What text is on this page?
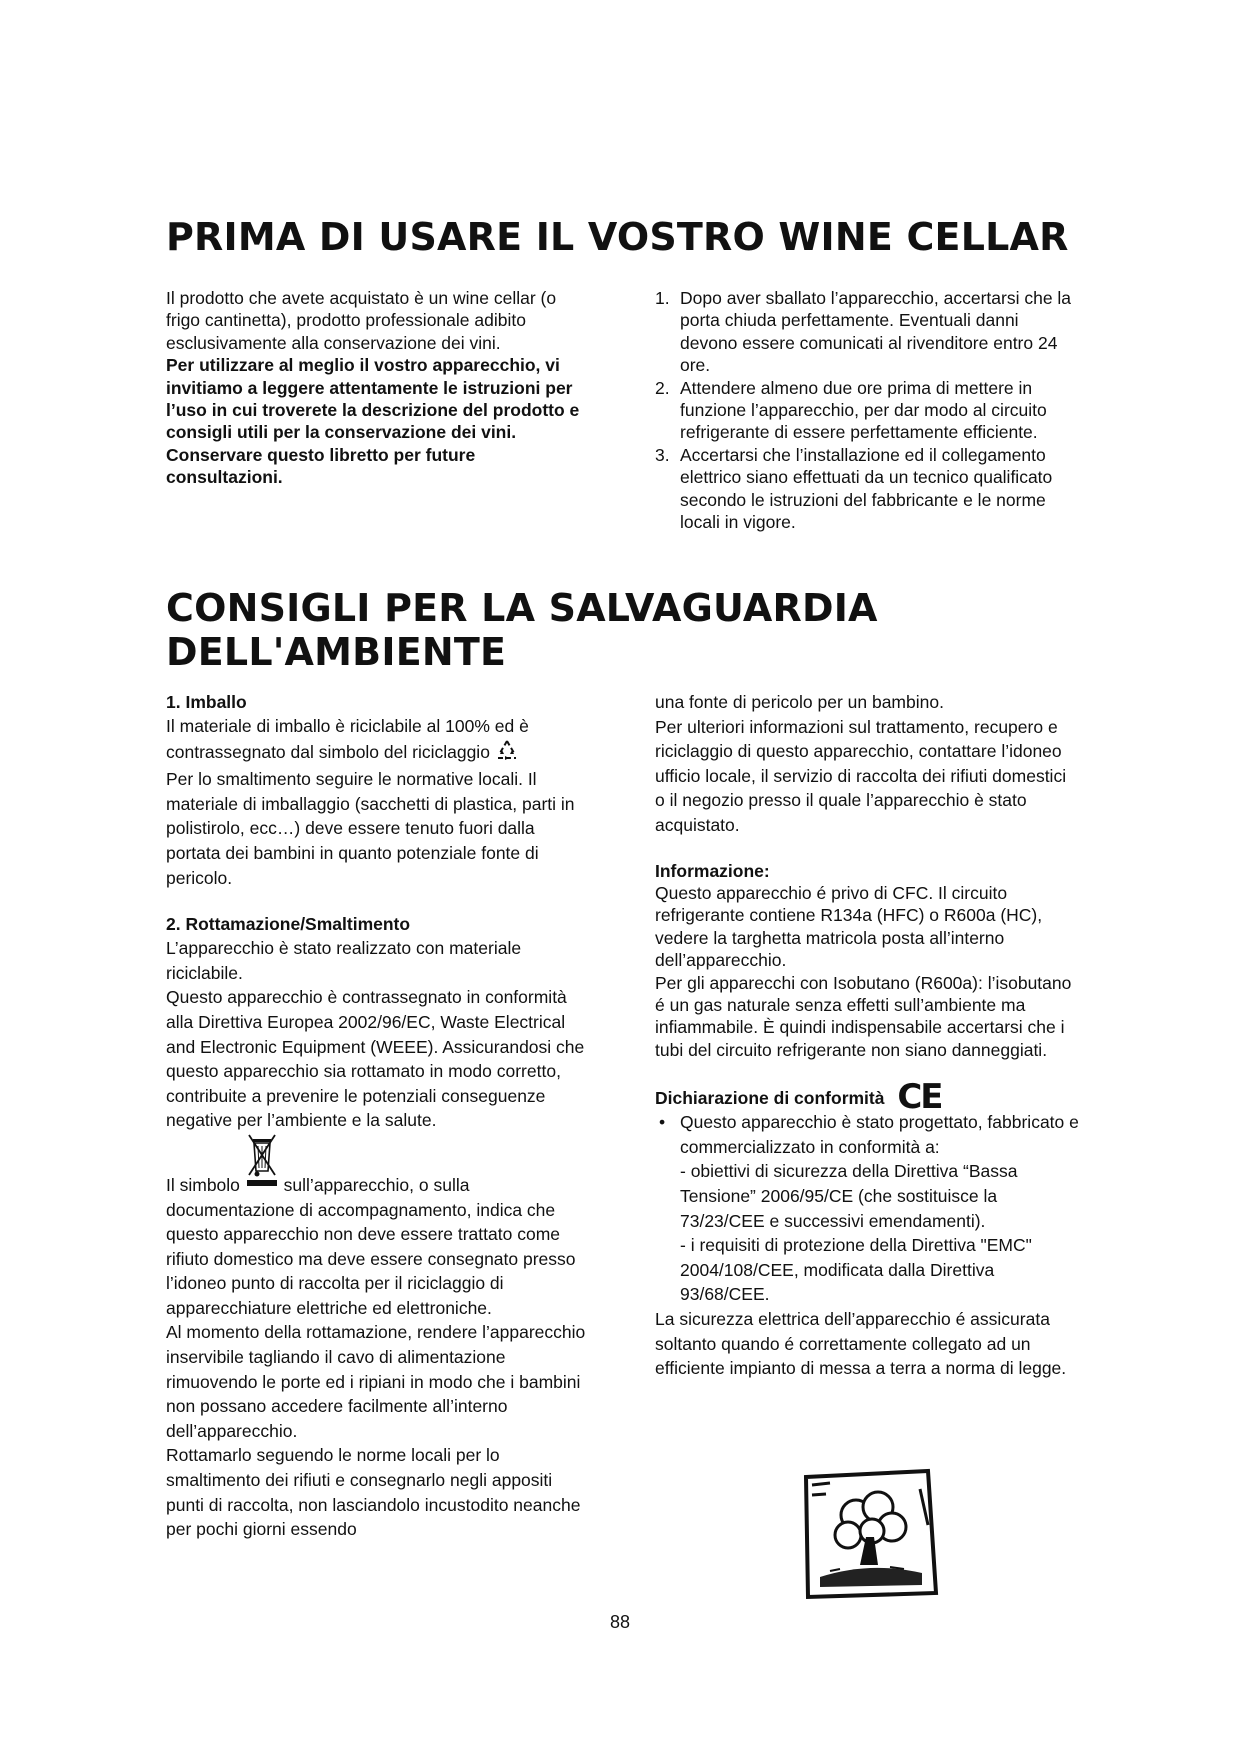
PRIMA DI USARE IL VOSTRO WINE CELLAR

Il prodotto che avete acquistato è un wine cellar (o frigo cantinetta), prodotto professionale adibito esclusivamente alla conservazione dei vini.

Per utilizzare al meglio il vostro apparecchio, vi invitiamo a leggere attentamente le istruzioni per l’uso in cui troverete la descrizione del prodotto e consigli utili per la conservazione dei vini. Conservare questo libretto per future consultazioni.

1. Dopo aver sballato l’apparecchio, accertarsi che la porta chiuda perfettamente. Eventuali danni devono essere comunicati al rivenditore entro 24 ore.
2. Attendere almeno due ore prima di mettere in funzione l’apparecchio, per dar modo al circuito refrigerante di essere perfettamente efficiente.
3. Accertarsi che l’installazione ed il collegamento elettrico siano effettuati da un tecnico qualificato secondo le istruzioni del fabbricante e le norme locali in vigore.
CONSIGLI PER LA SALVAGUARDIA
DELL'AMBIENTE
1. Imballo

Il materiale di imballo è riciclabile al 100% ed è contrassegnato dal simbolo del riciclaggio

Per lo smaltimento seguire le normative locali. Il materiale di imballaggio (sacchetti di plastica, parti in polistirolo, ecc…) deve essere tenuto fuori dalla portata dei bambini in quanto potenziale fonte di pericolo.

2. Rottamazione/Smaltimento

L’apparecchio è stato realizzato con materiale riciclabile.

Questo apparecchio è contrassegnato in conformità alla Direttiva Europea 2002/96/EC, Waste Electrical and Electronic Equipment (WEEE). Assicurandosi che questo apparecchio sia rottamato in modo corretto, contribuite a prevenire le potenziali conseguenze negative per l’ambiente e la salute.

Il simbolo	sull’apparecchio, o sulla documentazione di accompagnamento, indica che questo apparecchio non deve essere trattato come rifiuto domestico ma deve essere consegnato presso l’idoneo punto di raccolta per il riciclaggio di apparecchiature elettriche ed elettroniche.

Al momento della rottamazione, rendere l’apparecchio inservibile tagliando il cavo di alimentazione rimuovendo le porte ed i ripiani in modo che i bambini non possano accedere facilmente all’interno dell’apparecchio.

Rottamarlo seguendo le norme locali per lo smaltimento dei rifiuti e consegnarlo negli appositi punti di raccolta, non lasciandolo incustodito neanche per pochi giorni essendo

una fonte di pericolo per un bambino.

Per ulteriori informazioni sul trattamento, recupero e riciclaggio di questo apparecchio, contattare l’idoneo ufficio locale, il servizio di raccolta dei rifiuti domestici o il negozio presso il quale l’apparecchio è stato acquistato.

Informazione:

Questo apparecchio é privo di CFC. Il circuito refrigerante contiene R134a (HFC) o R600a (HC), vedere la targhetta matricola posta all’interno dell’apparecchio.

Per gli apparecchi con Isobutano (R600a): l’isobutano é un gas naturale senza effetti sull’ambiente ma infiammabile. È quindi indispensabile accertarsi che i tubi del circuito refrigerante non siano danneggiati.

Dichiarazione di conformità CE
• Questo apparecchio è stato progettato, fabbricato e commercializzato in conformità a:
- obiettivi di sicurezza della Direttiva “Bassa Tensione” 2006/95/CE (che sostituisce la 73/23/CEE e successivi emendamenti).
- i requisiti di protezione della Direttiva "EMC" 2004/108/CEE, modificata dalla Direttiva 93/68/CEE.

La sicurezza elettrica dell’apparecchio é assicurata soltanto quando é correttamente collegato ad un efficiente impianto di messa a terra a norma di legge.

88
